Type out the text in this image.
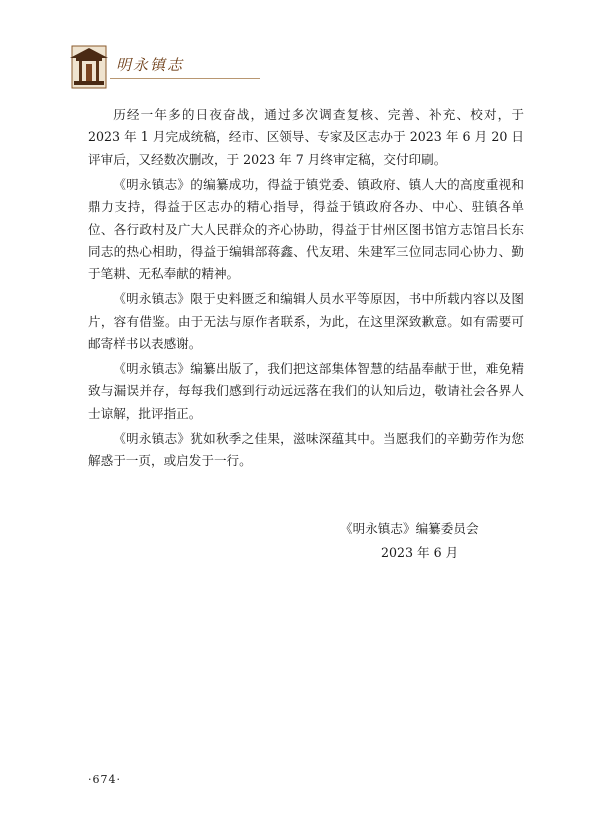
明永镇志

历经一年多的日夜奋战，通过多次调查复核、完善、补充、校对，于 2023 年 1 月完成统稿，经市、区领导、专家及区志办于 2023 年 6 月 20 日评审后，又经数次删改，于 2023 年 7 月终审定稿，交付印刷。

《明永镇志》的编纂成功，得益于镇党委、镇政府、镇人大的高度重视和鼎力支持，得益于区志办的精心指导，得益于镇政府各办、中心、驻镇各单位、各行政村及广大人民群众的齐心协助，得益于甘州区图书馆方志馆吕长东同志的热心相助，得益于编辑部蒋鑫、代友珺、朱建军三位同志同心协力、勤于笔耕、无私奉献的精神。

《明永镇志》限于史料匮乏和编辑人员水平等原因，书中所载内容以及图片，容有借鉴。由于无法与原作者联系，为此，在这里深致歉意。如有需要可邮寄样书以表感谢。

《明永镇志》编纂出版了，我们把这部集体智慧的结晶奉献于世，难免精致与漏误并存，每每我们感到行动远远落在我们的认知后边，敬请社会各界人士谅解，批评指正。

《明永镇志》犹如秋季之佳果，滋味深蕴其中。当愿我们的辛勤劳作为您解惑于一页，或启发于一行。

《明永镇志》编纂委员会
2023 年 6 月
·674·
